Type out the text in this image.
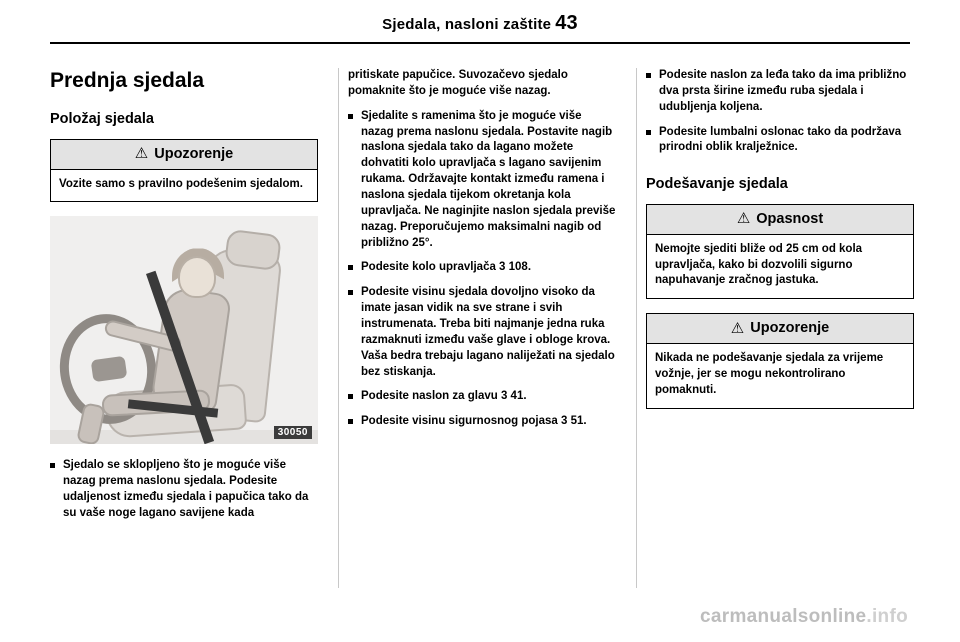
Sjedala, nasloni zaštite 43
Prednja sjedala
Položaj sjedala
⚠ Upozorenje
Vozite samo s pravilno podešenim sjedalom.
30050
Sjedalo se sklopljeno što je moguće više nazag prema naslonu sjedala. Podesite udaljenost između sjedala i papučica tako da su vaše noge lagano savijene kada

pritiskate papučice. Suvozačevo sjedalo pomaknite što je moguće više nazag.

Sjedalite s ramenima što je moguće više nazag prema naslonu sjedala. Postavite nagib naslona sjedala tako da lagano možete dohvatiti kolo upravljača s lagano savijenim rukama. Održavajte kontakt između ramena i naslona sjedala tijekom okretanja kola upravljača. Ne naginjite naslon sjedala previše nazag. Preporučujemo maksimalni nagib od približno 25°.
Podesite kolo upravljača 3 108.
Podesite visinu sjedala dovoljno visoko da imate jasan vidik na sve strane i svih instrumenata. Treba biti najmanje jedna ruka razmaknuti između vaše glave i obloge krova. Vaša bedra trebaju lagano naliježati na sjedalo bez stiskanja.
Podesite naslon za glavu 3 41.
Podesite visinu sigurnosnog pojasa 3 51.
Podesite naslon za leđa tako da ima približno dva prsta širine između ruba sjedala i udubljenja koljena.
Podesite lumbalni oslonac tako da podržava prirodni oblik kralježnice.
Podešavanje sjedala
⚠ Opasnost
Nemojte sjediti bliže od 25 cm od kola upravljača, kako bi dozvolili sigurno napuhavanje zračnog jastuka.
⚠ Upozorenje
Nikada ne podešavanje sjedala za vrijeme vožnje, jer se mogu nekontrolirano pomaknuti.
carmanualsonline.info
